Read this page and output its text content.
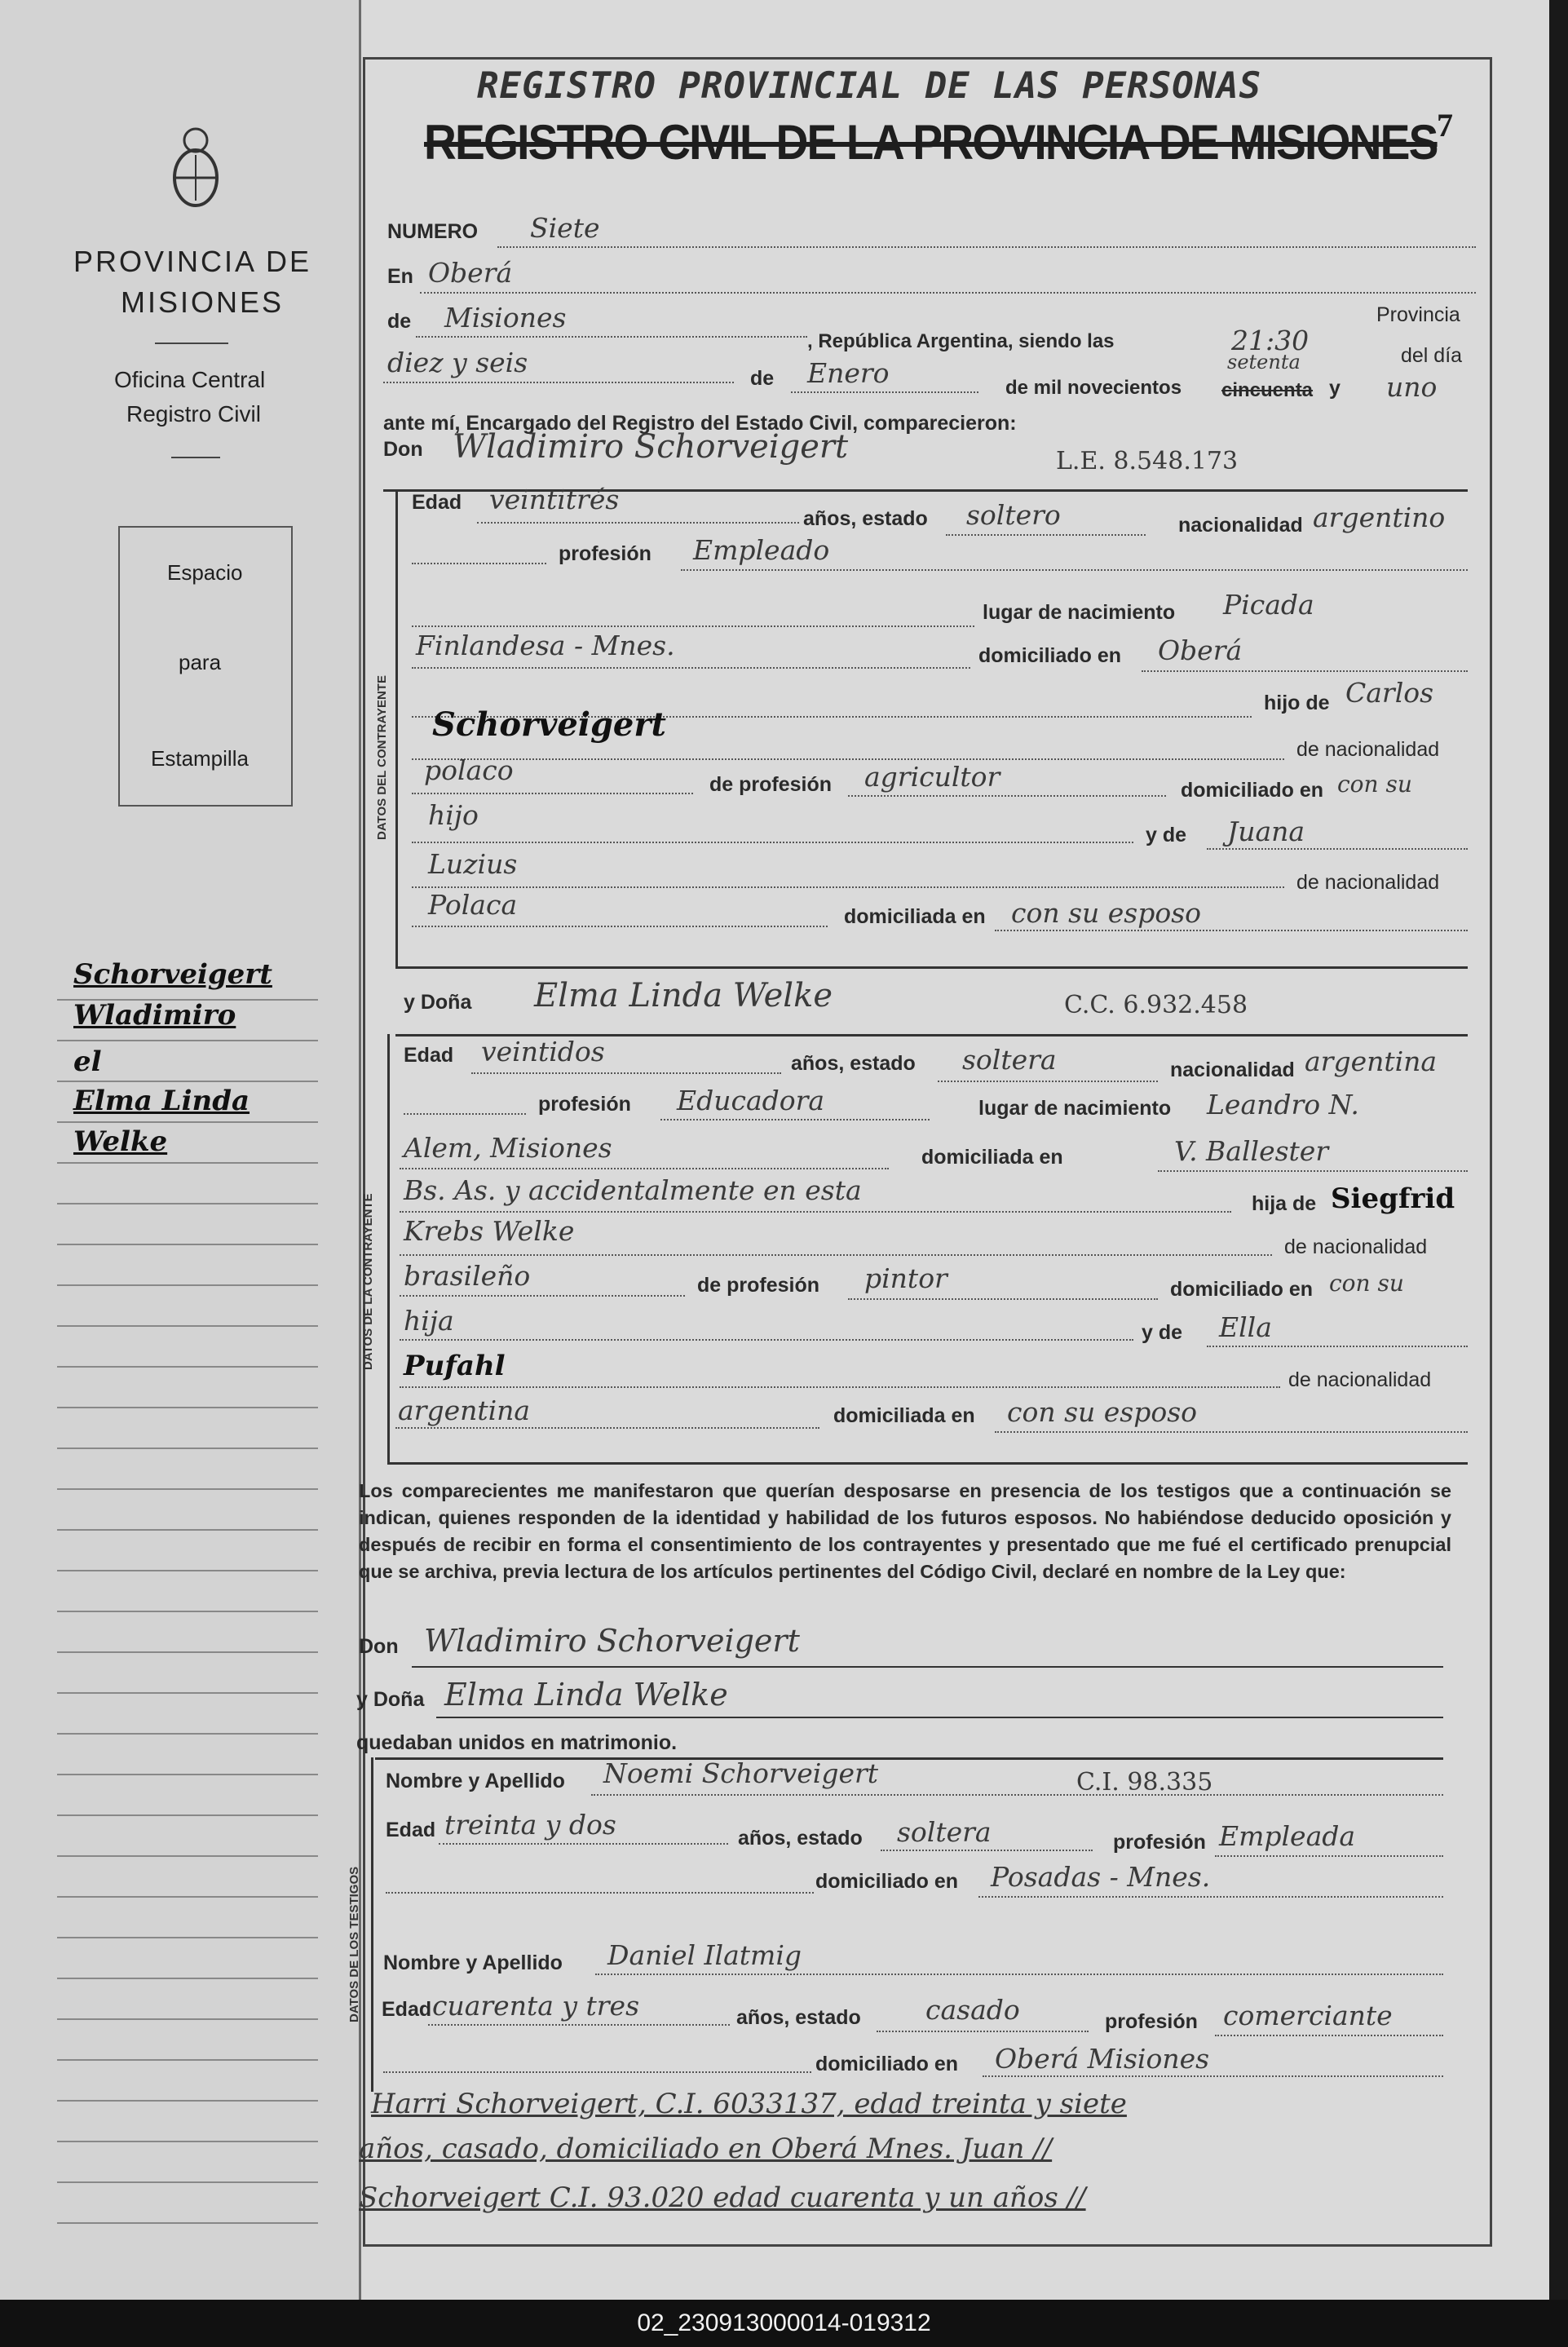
PROVINCIA DE
MISIONES
Oficina Central
Registro Civil
Espacio
para
Estampilla
Schorveigert
Wladimiro
el
Elma Linda
Welke
REGISTRO PROVINCIAL DE LAS PERSONAS
REGISTRO CIVIL DE LA PROVINCIA DE MISIONES 7
NUMERO Siete
En Oberá
de Misiones
, República Argentina, siendo las	21:30
Provincia
del día
diez y seis	de Enero	de mil novecientos cincuenta
setenta
y uno
ante mí, Encargado del Registro del Estado Civil, comparecieron:
Don Wladimiro Schorveigert	L.E. 8.548.173
DATOS DEL CONTRAYENTE
Edad veintitrés
años, estado soltero	nacionalidad argentino
profesión Empleado
lugar de nacimiento Picada
Finlandesa - Mnes.	domiciliado en Oberá
hijo de Carlos
Schorveigert
de nacionalidad
polaco	de profesión agricultor	domiciliado en con su
hijo
y de Juana
Luzius
de nacionalidad
Polaca	domiciliada en con su esposo
y Doña Elma Linda Welke	C.C. 6.932.458
DATOS DE LA CONTRAYENTE
Edad veintidos	años, estado soltera	nacionalidad argentina
profesión Educadora	lugar de nacimiento Leandro N.
Alem, Misiones	domiciliada en	V. Ballester
Bs. As. y accidentalmente en esta	hija de Siegfrid
Krebs Welke	de nacionalidad
brasileño	de profesión pintor	domiciliado en con su
hija	y de Ella
Pufahl	de nacionalidad
argentina	domiciliada en con su esposo
Los comparecientes me manifestaron que querían desposarse en presencia de los testigos que a continuación se indican, quienes responden de la identidad y habilidad de los futuros esposos. No habiéndose deducido oposición y después de recibir en forma el consentimiento de los contrayentes y presentado que me fué el certificado prenupcial que se archiva, previa lectura de los artículos pertinentes del Código Civil, declaré en nombre de la Ley que:
Don Wladimiro Schorveigert
y Doña Elma Linda Welke
quedaban unidos en matrimonio.
DATOS DE LOS TESTIGOS
Nombre y Apellido Noemi Schorveigert	C.I. 98.335
Edad treinta y dos	años, estado soltera	profesión Empleada
domiciliado en Posadas - Mnes.
Nombre y Apellido Daniel Ilatmig
Edad cuarenta y tres	años, estado casado	profesión comerciante
domiciliado en Oberá Misiones
Harri Schorveigert, C.I. 6033137, edad treinta y siete
años, casado, domiciliado en Oberá Mnes. Juan //
Schorveigert C.I. 93.020 edad cuarenta y un años //
02_230913000014-019312
